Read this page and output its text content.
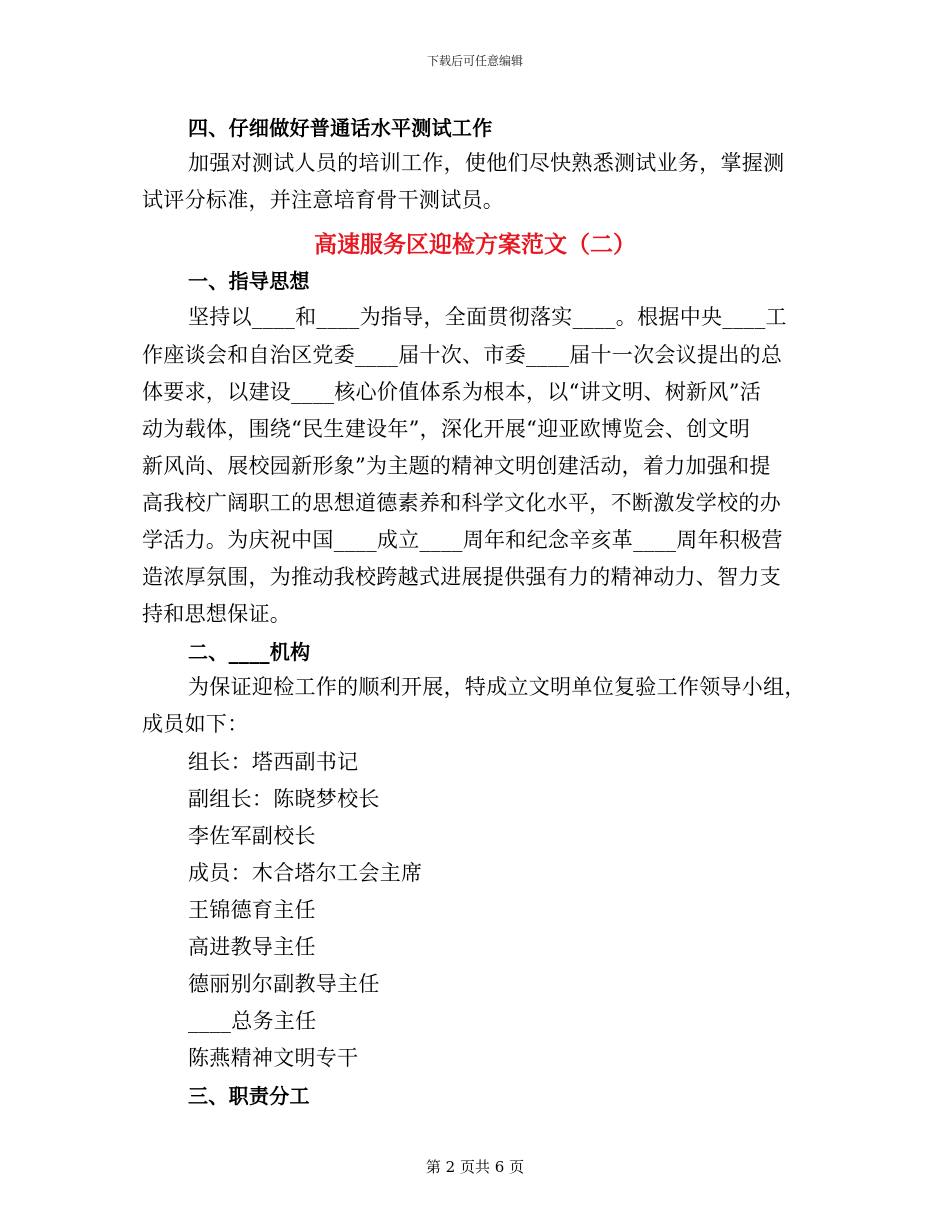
下载后可任意编辑
四、仔细做好普通话水平测试工作
加强对测试人员的培训工作，使他们尽快熟悉测试业务，掌握测
试评分标准，并注意培育骨干测试员。
高速服务区迎检方案范文（二）
一、指导思想
坚持以____和____为指导，全面贯彻落实____。根据中央____工
作座谈会和自治区党委____届十次、市委____届十一次会议提出的总
体要求，以建设____核心价值体系为根本，以“讲文明、树新风”活
动为载体，围绕“民生建设年”，深化开展“迎亚欧博览会、创文明
新风尚、展校园新形象”为主题的精神文明创建活动，着力加强和提
高我校广阔职工的思想道德素养和科学文化水平，不断激发学校的办
学活力。为庆祝中国____成立____周年和纪念辛亥革____周年积极营
造浓厚氛围，为推动我校跨越式进展提供强有力的精神动力、智力支
持和思想保证。
二、____机构
为保证迎检工作的顺利开展，特成立文明单位复验工作领导小组，
成员如下：
组长：塔西副书记
副组长：陈晓梦校长
李佐军副校长
成员：木合塔尔工会主席
王锦德育主任
高进教导主任
德丽别尔副教导主任
____总务主任
陈燕精神文明专干
三、职责分工
第 2 页共 6 页
